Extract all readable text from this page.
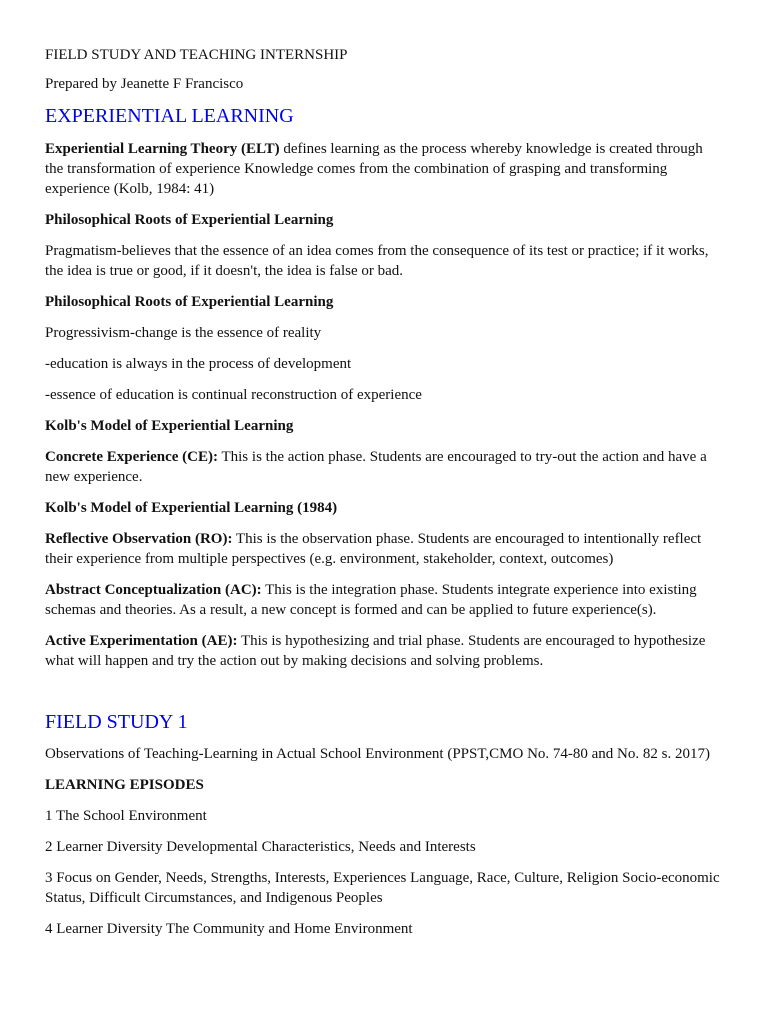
FIELD STUDY AND TEACHING INTERNSHIP

Prepared by Jeanette F Francisco

EXPERIENTIAL LEARNING

Experiential Learning Theory (ELT) defines learning as the process whereby knowledge is created through the transformation of experience Knowledge comes from the combination of grasping and transforming experience (Kolb, 1984: 41)

Philosophical Roots of Experiential Learning

Pragmatism-believes that the essence of an idea comes from the consequence of its test or practice; if it works, the idea is true or good, if it doesn't, the idea is false or bad.

Philosophical Roots of Experiential Learning

Progressivism-change is the essence of reality

-education is always in the process of development

-essence of education is continual reconstruction of experience

Kolb's Model of Experiential Learning

Concrete Experience (CE): This is the action phase. Students are encouraged to try-out the action and have a new experience.

Kolb's Model of Experiential Learning (1984)

Reflective Observation (RO): This is the observation phase. Students are encouraged to intentionally reflect their experience from multiple perspectives (e.g. environment, stakeholder, context, outcomes)

Abstract Conceptualization (AC): This is the integration phase. Students integrate experience into existing schemas and theories. As a result, a new concept is formed and can be applied to future experience(s).

Active Experimentation (AE): This is hypothesizing and trial phase. Students are encouraged to hypothesize what will happen and try the action out by making decisions and solving problems.

FIELD STUDY 1

Observations of Teaching-Learning in Actual School Environment (PPST,CMO No. 74-80 and No. 82 s. 2017)

LEARNING EPISODES

1 The School Environment

2 Learner Diversity Developmental Characteristics, Needs and Interests

3 Focus on Gender, Needs, Strengths, Interests, Experiences Language, Race, Culture, Religion Socio-economic Status, Difficult Circumstances, and Indigenous Peoples

4 Learner Diversity The Community and Home Environment
